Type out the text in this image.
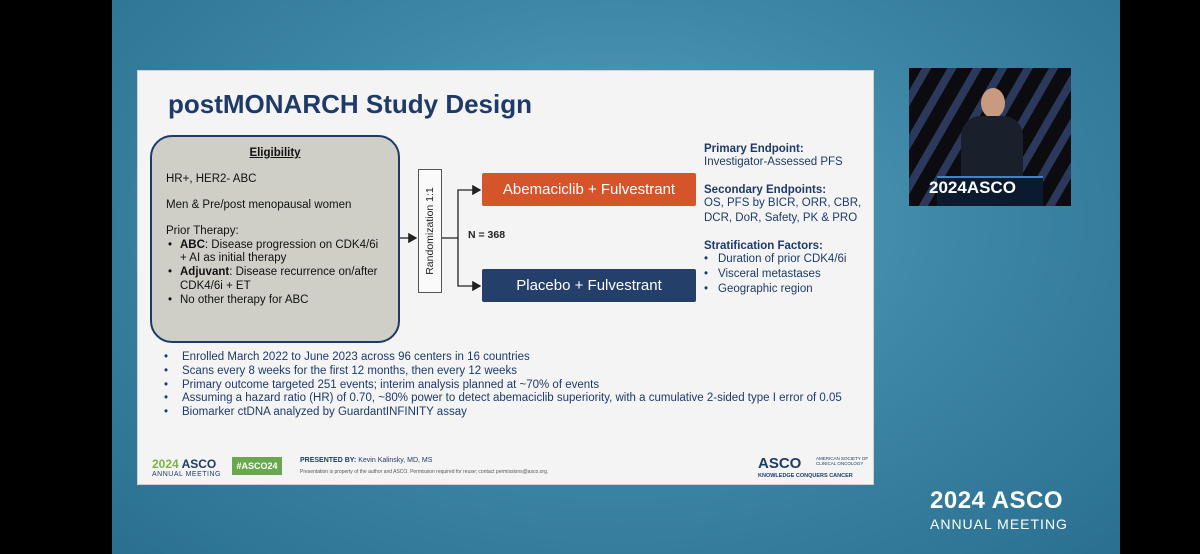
postMONARCH Study Design
Eligibility
HR+, HER2- ABC
Men & Pre/post menopausal women
Prior Therapy:
• ABC: Disease progression on CDK4/6i + AI as initial therapy
• Adjuvant: Disease recurrence on/after CDK4/6i + ET
• No other therapy for ABC
Randomization 1:1	N = 368
Abemaciclib + Fulvestrant
Placebo + Fulvestrant
Primary Endpoint:
Investigator-Assessed PFS
Secondary Endpoints:
OS, PFS by BICR, ORR, CBR, DCR, DoR, Safety, PK & PRO
Stratification Factors:
• Duration of prior CDK4/6i
• Visceral metastases
• Geographic region
• Enrolled March 2022 to June 2023 across 96 centers in 16 countries
• Scans every 8 weeks for the first 12 months, then every 12 weeks
• Primary outcome targeted 251 events; interim analysis planned at ~70% of events
• Assuming a hazard ratio (HR) of 0.70, ~80% power to detect abemaciclib superiority, with a cumulative 2-sided type I error of 0.05
• Biomarker ctDNA analyzed by GuardantINFINITY assay
2024 ASCO
ANNUAL MEETING
#ASCO24
PRESENTED BY: Kevin Kalinsky, MD, MS
Presentation is property of the author and ASCO. Permission required for reuse; contact permissions@asco.org.	ASCO	AMERICAN SOCIETY OF CLINICAL ONCOLOGY
KNOWLEDGE CONQUERS CANCER
2024ASCO
2024 ASCO
ANNUAL MEETING
